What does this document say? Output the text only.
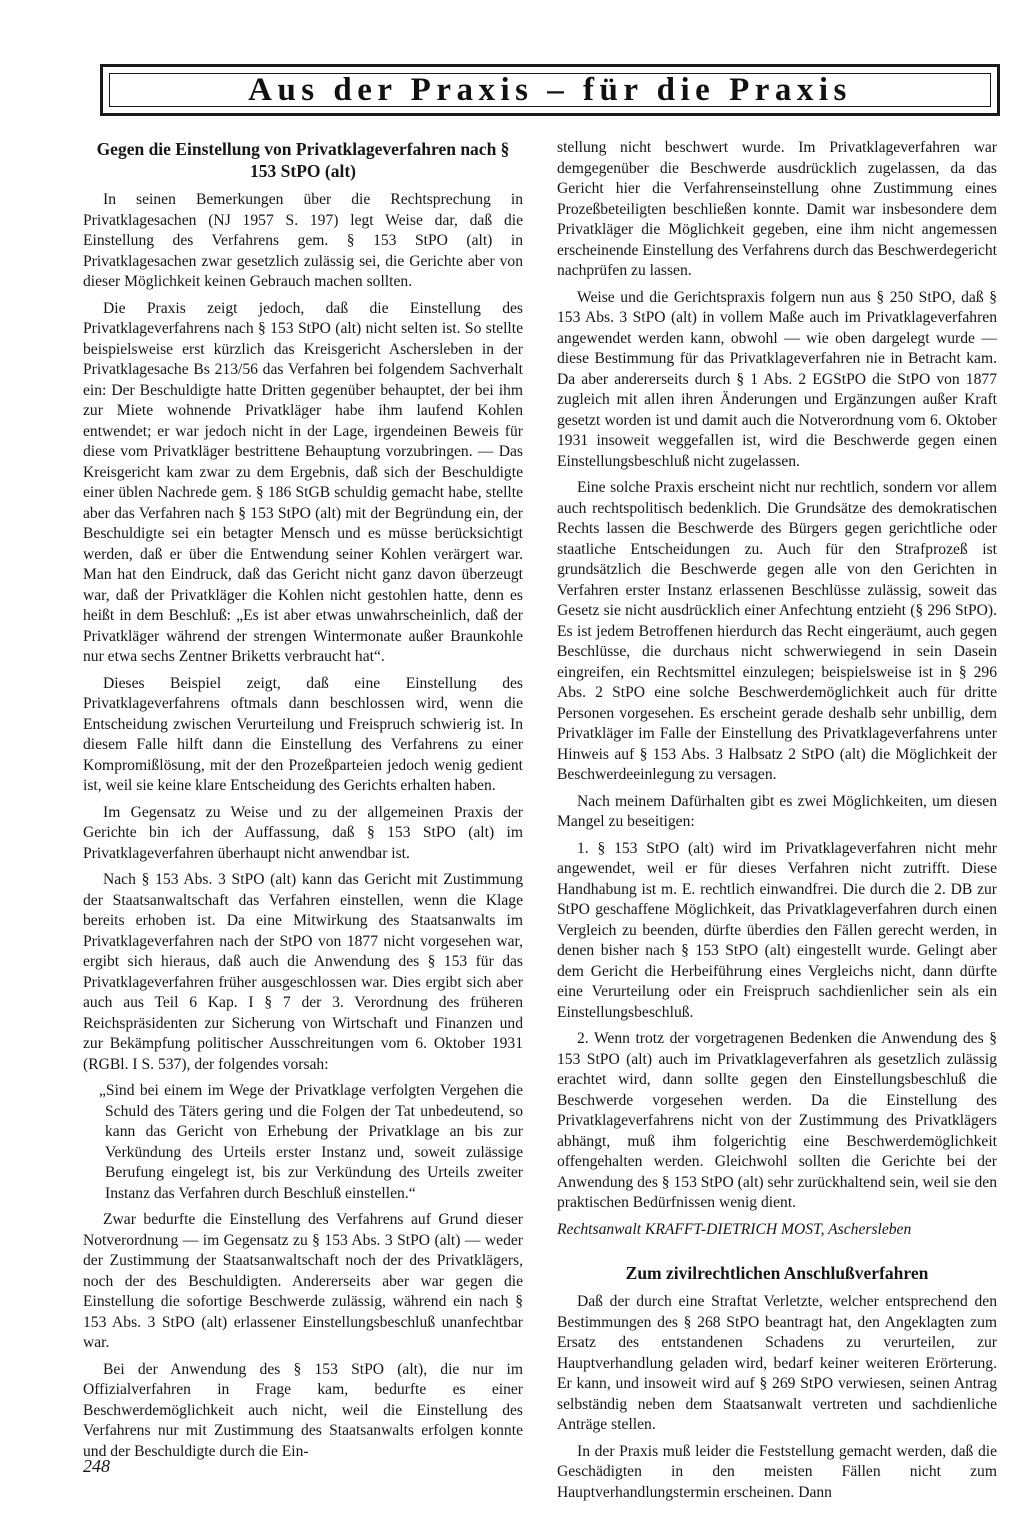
Aus der Praxis – für die Praxis
Gegen die Einstellung von Privatklageverfahren nach § 153 StPO (alt)

In seinen Bemerkungen über die Rechtsprechung in Privatklagesachen (NJ 1957 S. 197) legt Weise dar, daß die Einstellung des Verfahrens gem. § 153 StPO (alt) in Privatklagesachen zwar gesetzlich zulässig sei, die Gerichte aber von dieser Möglichkeit keinen Gebrauch machen sollten.

Die Praxis zeigt jedoch, daß die Einstellung des Privatklageverfahrens nach § 153 StPO (alt) nicht selten ist. So stellte beispielsweise erst kürzlich das Kreisgericht Aschersleben in der Privatklagesache Bs 213/56 das Verfahren bei folgendem Sachverhalt ein: Der Beschuldigte hatte Dritten gegenüber behauptet, der bei ihm zur Miete wohnende Privatkläger habe ihm laufend Kohlen entwendet; er war jedoch nicht in der Lage, irgendeinen Beweis für diese vom Privatkläger bestrittene Behauptung vorzubringen. — Das Kreisgericht kam zwar zu dem Ergebnis, daß sich der Beschuldigte einer üblen Nachrede gem. § 186 StGB schuldig gemacht habe, stellte aber das Verfahren nach § 153 StPO (alt) mit der Begründung ein, der Beschuldigte sei ein betagter Mensch und es müsse berücksichtigt werden, daß er über die Entwendung seiner Kohlen verärgert war. Man hat den Eindruck, daß das Gericht nicht ganz davon überzeugt war, daß der Privatkläger die Kohlen nicht gestohlen hatte, denn es heißt in dem Beschluß: „Es ist aber etwas unwahrscheinlich, daß der Privatkläger während der strengen Wintermonate außer Braunkohle nur etwa sechs Zentner Briketts verbraucht hat“.

Dieses Beispiel zeigt, daß eine Einstellung des Privatklageverfahrens oftmals dann beschlossen wird, wenn die Entscheidung zwischen Verurteilung und Freispruch schwierig ist. In diesem Falle hilft dann die Einstellung des Verfahrens zu einer Kompromißlösung, mit der den Prozeßparteien jedoch wenig gedient ist, weil sie keine klare Entscheidung des Gerichts erhalten haben.

Im Gegensatz zu Weise und zu der allgemeinen Praxis der Gerichte bin ich der Auffassung, daß § 153 StPO (alt) im Privatklageverfahren überhaupt nicht anwendbar ist.

Nach § 153 Abs. 3 StPO (alt) kann das Gericht mit Zustimmung der Staatsanwaltschaft das Verfahren einstellen, wenn die Klage bereits erhoben ist. Da eine Mitwirkung des Staatsanwalts im Privatklageverfahren nach der StPO von 1877 nicht vorgesehen war, ergibt sich hieraus, daß auch die Anwendung des § 153 für das Privatklageverfahren früher ausgeschlossen war. Dies ergibt sich aber auch aus Teil 6 Kap. I § 7 der 3. Verordnung des früheren Reichspräsidenten zur Sicherung von Wirtschaft und Finanzen und zur Bekämpfung politischer Ausschreitungen vom 6. Oktober 1931 (RGBl. I S. 537), der folgendes vorsah:

„Sind bei einem im Wege der Privatklage verfolgten Vergehen die Schuld des Täters gering und die Folgen der Tat unbedeutend, so kann das Gericht von Erhebung der Privatklage an bis zur Verkündung des Urteils erster Instanz und, soweit zulässige Berufung eingelegt ist, bis zur Verkündung des Urteils zweiter Instanz das Verfahren durch Beschluß einstellen.“

Zwar bedurfte die Einstellung des Verfahrens auf Grund dieser Notverordnung — im Gegensatz zu § 153 Abs. 3 StPO (alt) — weder der Zustimmung der Staatsanwaltschaft noch der des Privatklägers, noch der des Beschuldigten. Andererseits aber war gegen die Einstellung die sofortige Beschwerde zulässig, während ein nach § 153 Abs. 3 StPO (alt) erlassener Einstellungsbeschluß unanfechtbar war.

Bei der Anwendung des § 153 StPO (alt), die nur im Offizialverfahren in Frage kam, bedurfte es einer Beschwerdemöglichkeit auch nicht, weil die Einstellung des Verfahrens nur mit Zustimmung des Staatsanwalts erfolgen konnte und der Beschuldigte durch die Ein-

stellung nicht beschwert wurde. Im Privatklageverfahren war demgegenüber die Beschwerde ausdrücklich zugelassen, da das Gericht hier die Verfahrenseinstellung ohne Zustimmung eines Prozeßbeteiligten beschließen konnte. Damit war insbesondere dem Privatkläger die Möglichkeit gegeben, eine ihm nicht angemessen erscheinende Einstellung des Verfahrens durch das Beschwerdegericht nachprüfen zu lassen.

Weise und die Gerichtspraxis folgern nun aus § 250 StPO, daß § 153 Abs. 3 StPO (alt) in vollem Maße auch im Privatklageverfahren angewendet werden kann, obwohl — wie oben dargelegt wurde — diese Bestimmung für das Privatklageverfahren nie in Betracht kam. Da aber andererseits durch § 1 Abs. 2 EGStPO die StPO von 1877 zugleich mit allen ihren Änderungen und Ergänzungen außer Kraft gesetzt worden ist und damit auch die Notverordnung vom 6. Oktober 1931 insoweit weggefallen ist, wird die Beschwerde gegen einen Einstellungsbeschluß nicht zugelassen.

Eine solche Praxis erscheint nicht nur rechtlich, sondern vor allem auch rechtspolitisch bedenklich. Die Grundsätze des demokratischen Rechts lassen die Beschwerde des Bürgers gegen gerichtliche oder staatliche Entscheidungen zu. Auch für den Strafprozeß ist grundsätzlich die Beschwerde gegen alle von den Gerichten in Verfahren erster Instanz erlassenen Beschlüsse zulässig, soweit das Gesetz sie nicht ausdrücklich einer Anfechtung entzieht (§ 296 StPO). Es ist jedem Betroffenen hierdurch das Recht eingeräumt, auch gegen Beschlüsse, die durchaus nicht schwerwiegend in sein Dasein eingreifen, ein Rechtsmittel einzulegen; beispielsweise ist in § 296 Abs. 2 StPO eine solche Beschwerdemöglichkeit auch für dritte Personen vorgesehen. Es erscheint gerade deshalb sehr unbillig, dem Privatkläger im Falle der Einstellung des Privatklageverfahrens unter Hinweis auf § 153 Abs. 3 Halbsatz 2 StPO (alt) die Möglichkeit der Beschwerdeeinlegung zu versagen.

Nach meinem Dafürhalten gibt es zwei Möglichkeiten, um diesen Mangel zu beseitigen:

1. § 153 StPO (alt) wird im Privatklageverfahren nicht mehr angewendet, weil er für dieses Verfahren nicht zutrifft. Diese Handhabung ist m. E. rechtlich einwandfrei. Die durch die 2. DB zur StPO geschaffene Möglichkeit, das Privatklageverfahren durch einen Vergleich zu beenden, dürfte überdies den Fällen gerecht werden, in denen bisher nach § 153 StPO (alt) eingestellt wurde. Gelingt aber dem Gericht die Herbeiführung eines Vergleichs nicht, dann dürfte eine Verurteilung oder ein Freispruch sachdienlicher sein als ein Einstellungsbeschluß.

2. Wenn trotz der vorgetragenen Bedenken die Anwendung des § 153 StPO (alt) auch im Privatklageverfahren als gesetzlich zulässig erachtet wird, dann sollte gegen den Einstellungsbeschluß die Beschwerde vorgesehen werden. Da die Einstellung des Privatklageverfahrens nicht von der Zustimmung des Privatklägers abhängt, muß ihm folgerichtig eine Beschwerdemöglichkeit offengehalten werden. Gleichwohl sollten die Gerichte bei der Anwendung des § 153 StPO (alt) sehr zurückhaltend sein, weil sie den praktischen Bedürfnissen wenig dient.

Rechtsanwalt KRAFFT-DIETRICH MOST, Aschersleben

Zum zivilrechtlichen Anschlußverfahren

Daß der durch eine Straftat Verletzte, welcher entsprechend den Bestimmungen des § 268 StPO beantragt hat, den Angeklagten zum Ersatz des entstandenen Schadens zu verurteilen, zur Hauptverhandlung geladen wird, bedarf keiner weiteren Erörterung. Er kann, und insoweit wird auf § 269 StPO verwiesen, seinen Antrag selbständig neben dem Staatsanwalt vertreten und sachdienliche Anträge stellen.

In der Praxis muß leider die Feststellung gemacht werden, daß die Geschädigten in den meisten Fällen nicht zum Hauptverhandlungstermin erscheinen. Dann

248
